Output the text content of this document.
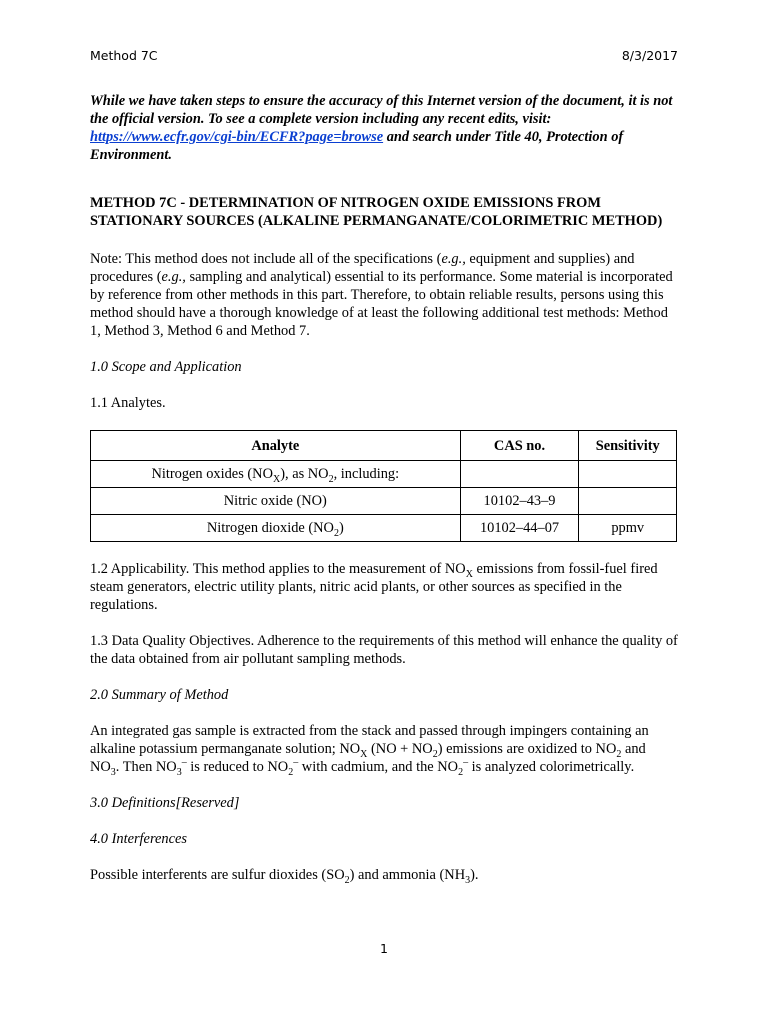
Method 7C	8/3/2017

While we have taken steps to ensure the accuracy of this Internet version of the document, it is not the official version. To see a complete version including any recent edits, visit: https://www.ecfr.gov/cgi-bin/ECFR?page=browse and search under Title 40, Protection of Environment.

METHOD 7C - DETERMINATION OF NITROGEN OXIDE EMISSIONS FROM STATIONARY SOURCES (ALKALINE PERMANGANATE/COLORIMETRIC METHOD)

Note: This method does not include all of the specifications (e.g., equipment and supplies) and procedures (e.g., sampling and analytical) essential to its performance. Some material is incorporated by reference from other methods in this part. Therefore, to obtain reliable results, persons using this method should have a thorough knowledge of at least the following additional test methods: Method 1, Method 3, Method 6 and Method 7.

1.0 Scope and Application

1.1 Analytes.

Analyte	CAS no.	Sensitivity
Nitrogen oxides $(NO_X)$, as $NO_2$, including:		
Nitric oxide (NO)	10102–43–9	
Nitrogen dioxide $(NO_2)$	10102–44–07	ppmv

1.2 Applicability. This method applies to the measurement of $NO_X$ emissions from fossil-fuel fired steam generators, electric utility plants, nitric acid plants, or other sources as specified in the regulations.

1.3 Data Quality Objectives. Adherence to the requirements of this method will enhance the quality of the data obtained from air pollutant sampling methods.

2.0 Summary of Method

An integrated gas sample is extracted from the stack and passed through impingers containing an alkaline potassium permanganate solution; $NO_X$ $(NO + NO_2)$ emissions are oxidized to $NO_2$ and $NO_3$. Then $NO_3^-$ is reduced to $NO_2^-$ with cadmium, and the $NO_2^-$ is analyzed colorimetrically.

3.0 Definitions[Reserved]

4.0 Interferences

Possible interferents are sulfur dioxides $(SO_2)$ and ammonia $(NH_3)$.

1
